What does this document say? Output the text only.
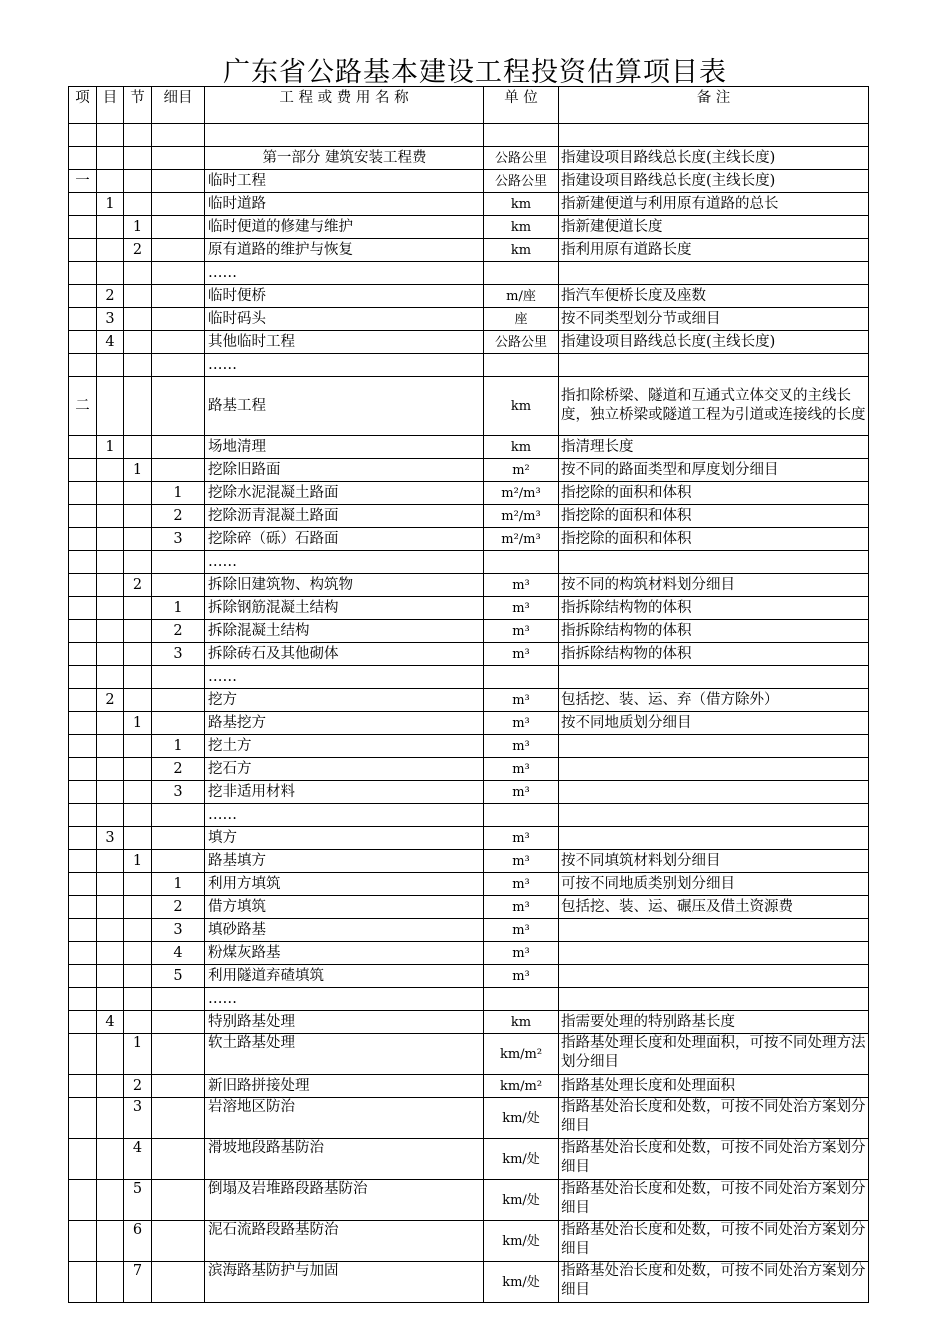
广东省公路基本建设工程投资估算项目表
项	目	节	细目	工 程 或 费 用 名 称	单 位	备 注

				第一部分 建筑安装工程费	公路公里	指建设项目路线总长度(主线长度)
一				临时工程	公路公里	指建设项目路线总长度(主线长度)
	1			临时道路	km	指新建便道与利用原有道路的总长
		1		临时便道的修建与维护	km	指新建便道长度
		2		原有道路的维护与恢复	km	指利用原有道路长度
				……		
	2			临时便桥	m/座	指汽车便桥长度及座数
	3			临时码头	座	按不同类型划分节或细目
	4			其他临时工程	公路公里	指建设项目路线总长度(主线长度)
				……		
二				路基工程	km	指扣除桥梁、隧道和互通式立体交叉的主线长度，独立桥梁或隧道工程为引道或连接线的长度
	1			场地清理	km	指清理长度
		1		挖除旧路面	m²	按不同的路面类型和厚度划分细目
			1	挖除水泥混凝土路面	m²/m³	指挖除的面积和体积
			2	挖除沥青混凝土路面	m²/m³	指挖除的面积和体积
			3	挖除碎（砾）石路面	m²/m³	指挖除的面积和体积
				……		
		2		拆除旧建筑物、构筑物	m³	按不同的构筑材料划分细目
			1	拆除钢筋混凝土结构	m³	指拆除结构物的体积
			2	拆除混凝土结构	m³	指拆除结构物的体积
			3	拆除砖石及其他砌体	m³	指拆除结构物的体积
				……		
	2			挖方	m³	包括挖、装、运、弃（借方除外）
		1		路基挖方	m³	按不同地质划分细目
			1	挖土方	m³	
			2	挖石方	m³	
			3	挖非适用材料	m³	
				……		
	3			填方	m³	
		1		路基填方	m³	按不同填筑材料划分细目
			1	利用方填筑	m³	可按不同地质类别划分细目
			2	借方填筑	m³	包括挖、装、运、碾压及借土资源费
			3	填砂路基	m³	
			4	粉煤灰路基	m³	
			5	利用隧道弃碴填筑	m³	
				……		
	4			特别路基处理	km	指需要处理的特别路基长度
		1		软土路基处理	km/m²	指路基处理长度和处理面积，可按不同处理方法划分细目
		2		新旧路拼接处理	km/m²	指路基处理长度和处理面积
		3		岩溶地区防治	km/处	指路基处治长度和处数，可按不同处治方案划分细目
		4		滑坡地段路基防治	km/处	指路基处治长度和处数，可按不同处治方案划分细目
		5		倒塌及岩堆路段路基防治	km/处	指路基处治长度和处数，可按不同处治方案划分细目
		6		泥石流路段路基防治	km/处	指路基处治长度和处数，可按不同处治方案划分细目
		7		滨海路基防护与加固	km/处	指路基处治长度和处数，可按不同处治方案划分细目
